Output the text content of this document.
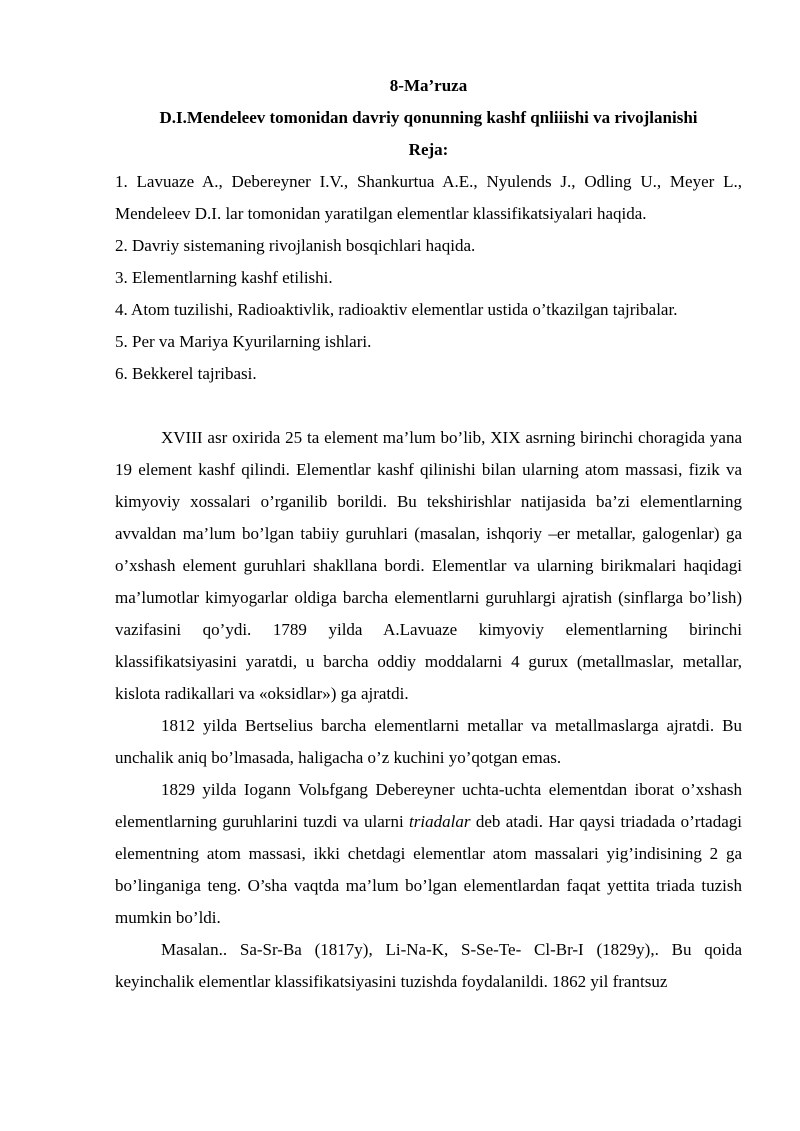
8-Ma’ruza
D.I.Mendeleev tomonidan davriy qonunning kashf qnliiishi va rivojlanishi
Reja:
1. Lavuaze A., Debereyner I.V., Shankurtua A.E., Nyulends J., Odling U., Meyer L., Mendeleev D.I. lar tomonidan yaratilgan elementlar klassifikatsiyalari haqida.
2. Davriy sistemaning rivojlanish bosqichlari haqida.
3. Elementlarning kashf etilishi.
4. Atom tuzilishi, Radioaktivlik, radioaktiv elementlar ustida o’tkazilgan tajribalar.
5. Per va Mariya Kyurilarning ishlari.
6. Bekkerel tajribasi.

XVIII asr oxirida 25 ta element ma’lum bo’lib, XIX asrning birinchi choragida yana 19 element kashf qilindi. Elementlar kashf qilinishi bilan ularning atom massasi, fizik va kimyoviy xossalari o’rganilib borildi. Bu tekshirishlar natijasida ba’zi elementlarning avvaldan ma’lum bo’lgan tabiiy guruhlari (masalan, ishqoriy –er metallar, galogenlar) ga o’xshash element guruhlari shakllana bordi. Elementlar va ularning birikmalari haqidagi ma’lumotlar kimyogarlar oldiga barcha elementlarni guruhlargi ajratish (sinflarga bo’lish) vazifasini qo’ydi. 1789 yilda A.Lavuaze kimyoviy elementlarning birinchi klassifikatsiyasini yaratdi, u barcha oddiy moddalarni 4 gurux (metallmaslar, metallar, kislota radikallari va «oksidlar») ga ajratdi.

1812 yilda Bertselius barcha elementlarni metallar va metallmaslarga ajratdi. Bu unchalik aniq bo’lmasada, haligacha o’z kuchini yo’qotgan emas.

1829 yilda Iogann Volьfgang Debereyner uchta-uchta elementdan iborat o’xshash elementlarning guruhlarini tuzdi va ularni triadalar deb atadi. Har qaysi triadada o’rtadagi elementning atom massasi, ikki chetdagi elementlar atom massalari yig’indisining 2 ga bo’linganiga teng. O’sha vaqtda ma’lum bo’lgan elementlardan faqat yettita triada tuzish mumkin bo’ldi.

Masalan.. Sa-Sr-Ba (1817y), Li-Na-K, S-Se-Te- Cl-Br-I (1829y),. Bu qoida keyinchalik elementlar klassifikatsiyasini tuzishda foydalanildi. 1862 yil frantsuz
